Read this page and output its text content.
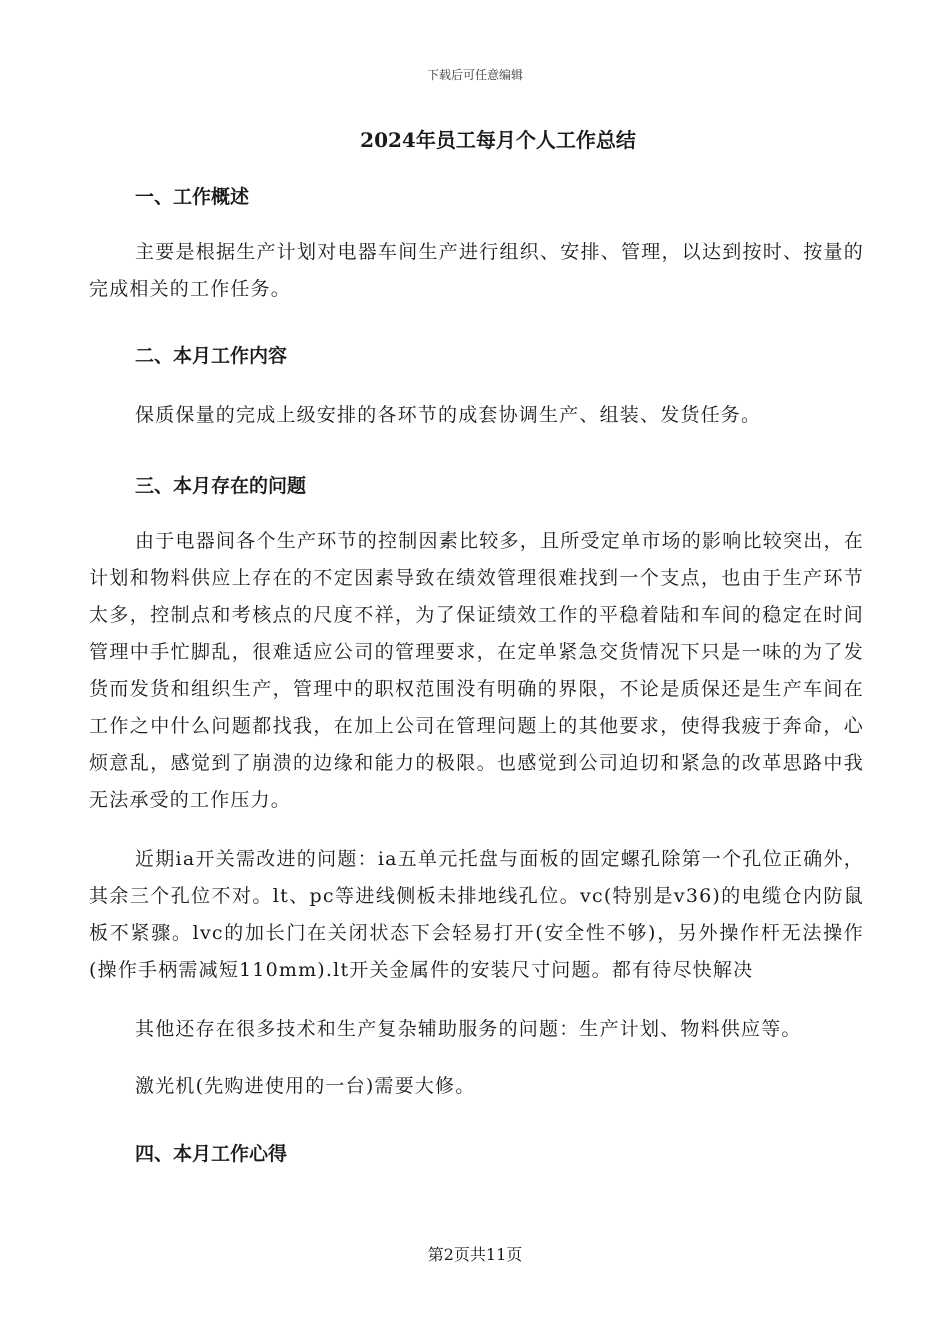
下载后可任意编辑
2024年员工每月个人工作总结
一、工作概述

主要是根据生产计划对电器车间生产进行组织、安排、管理，以达到按时、按量的完成相关的工作任务。

二、本月工作内容

保质保量的完成上级安排的各环节的成套协调生产、组装、发货任务。

三、本月存在的问题

由于电器间各个生产环节的控制因素比较多，且所受定单市场的影响比较突出，在计划和物料供应上存在的不定因素导致在绩效管理很难找到一个支点，也由于生产环节太多，控制点和考核点的尺度不祥，为了保证绩效工作的平稳着陆和车间的稳定在时间管理中手忙脚乱，很难适应公司的管理要求，在定单紧急交货情况下只是一味的为了发货而发货和组织生产，管理中的职权范围没有明确的界限，不论是质保还是生产车间在工作之中什么问题都找我，在加上公司在管理问题上的其他要求，使得我疲于奔命，心烦意乱，感觉到了崩溃的边缘和能力的极限。也感觉到公司迫切和紧急的改革思路中我无法承受的工作压力。

近期ia开关需改进的问题：ia五单元托盘与面板的固定螺孔除第一个孔位正确外，其余三个孔位不对。lt、pc等进线侧板未排地线孔位。vc(特别是v36)的电缆仓内防鼠板不紧骤。lvc的加长门在关闭状态下会轻易打开(安全性不够)，另外操作杆无法操作(操作手柄需减短110mm).lt开关金属件的安装尺寸问题。都有待尽快解决

其他还存在很多技术和生产复杂辅助服务的问题：生产计划、物料供应等。

激光机(先购进使用的一台)需要大修。

四、本月工作心得
第2页共11页
